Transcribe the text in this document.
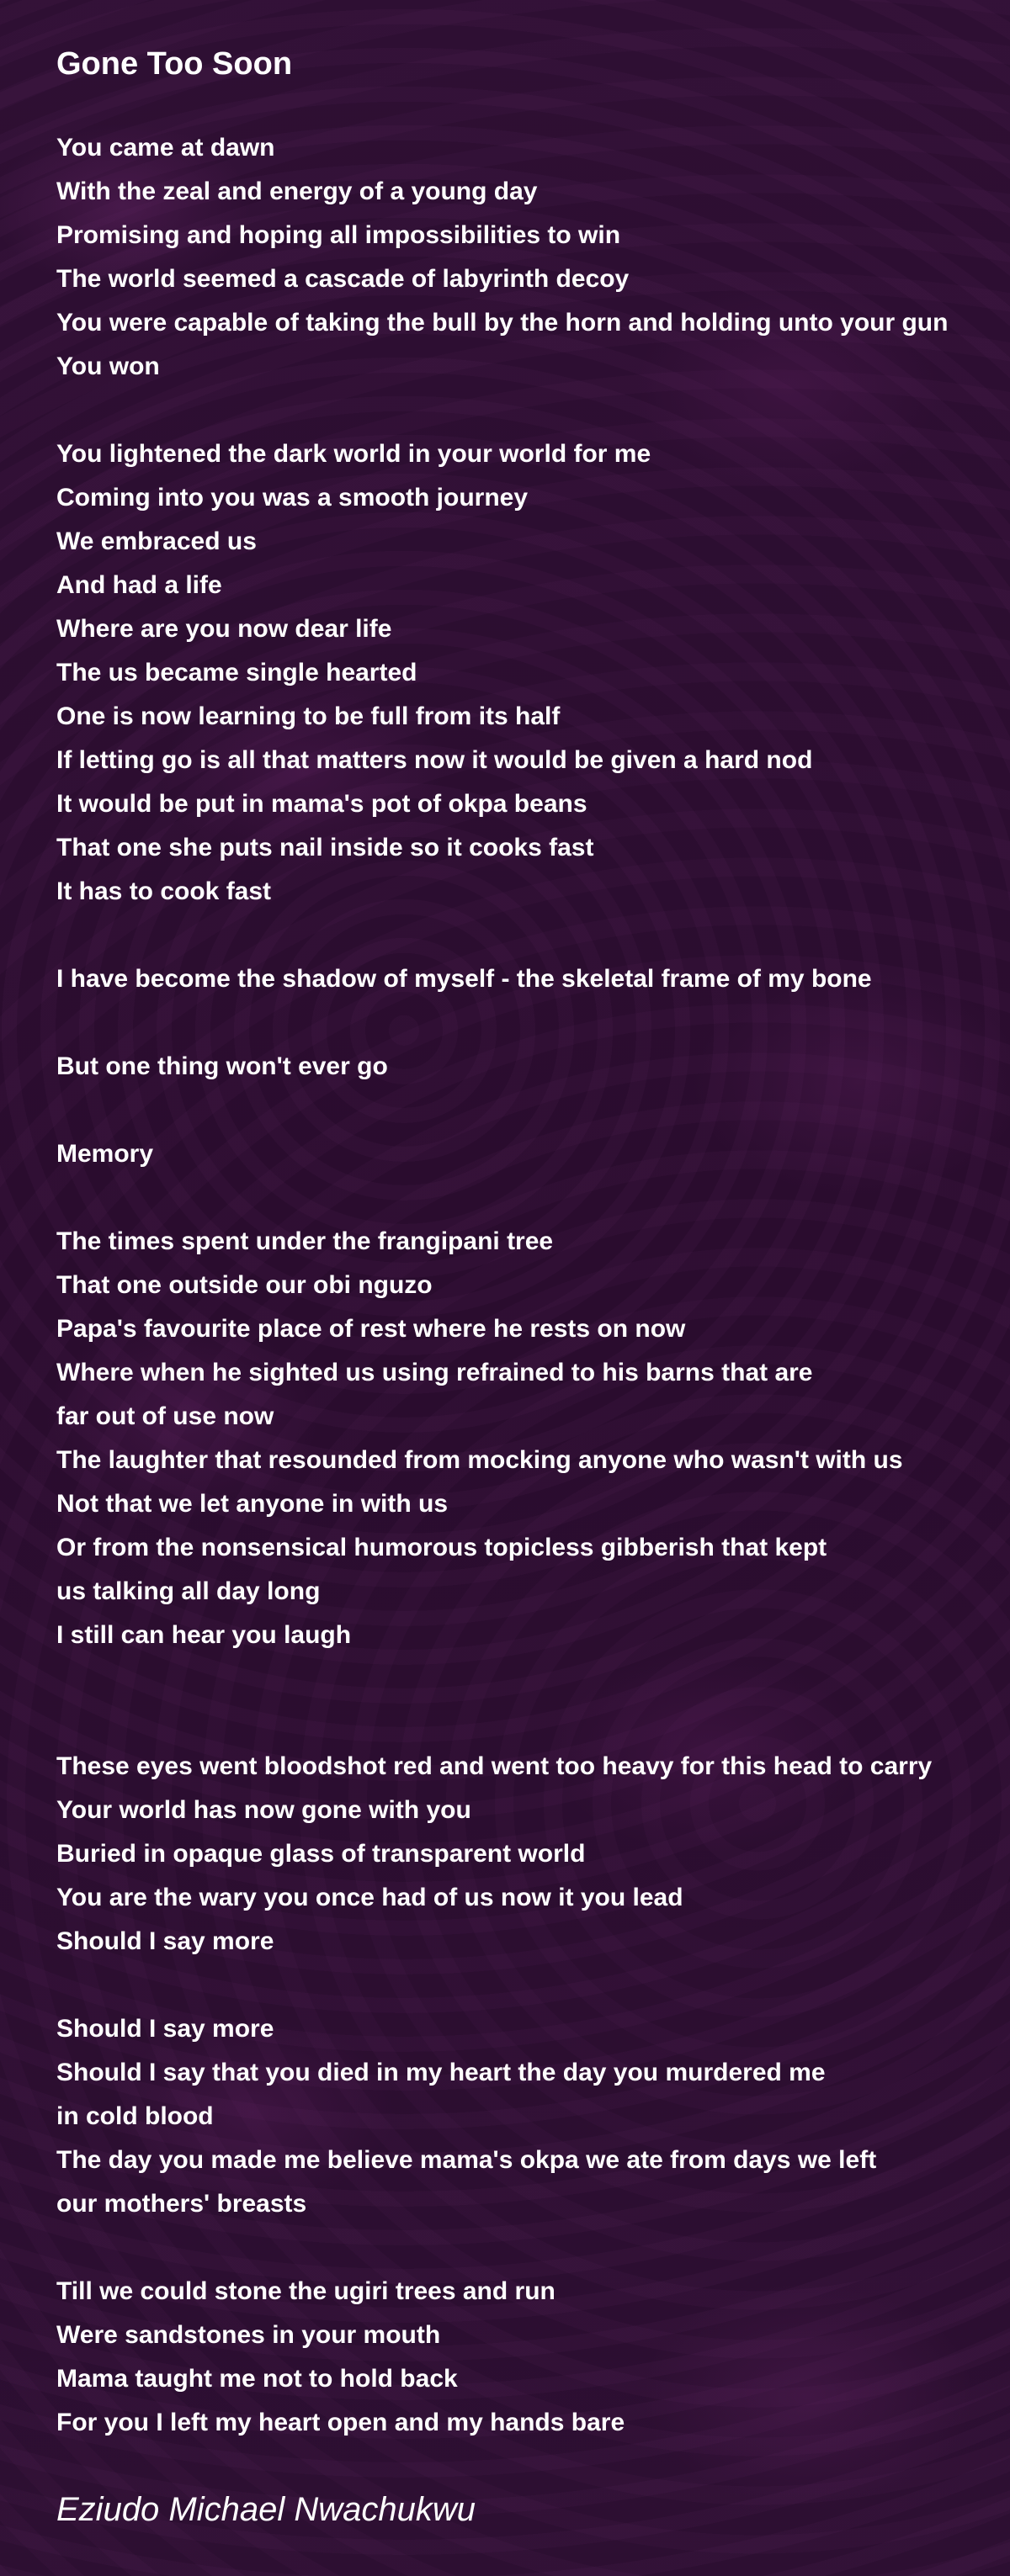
Gone Too Soon
You came at dawn
With the zeal and energy of a young day
Promising and hoping all impossibilities to win
The world seemed a cascade of labyrinth decoy
You were capable of taking the bull by the horn and holding unto your gun
You won
You lightened the dark world in your world for me
Coming into you was a smooth journey
We embraced us
And had a life
Where are you now dear life
The us became single hearted
One is now learning to be full from its half
If letting go is all that matters now it would be given a hard nod
It would be put in mama's pot of okpa beans
That one she puts nail inside so it cooks fast
It has to cook fast
I have become the shadow of myself - the skeletal frame of my bone
But one thing won't ever go
Memory
The times spent under the frangipani tree
That one outside our obi nguzo
Papa's favourite place of rest where he rests on now
Where when he sighted us using refrained to his barns that are
far out of use now
The laughter that resounded from mocking anyone who wasn't with us
Not that we let anyone in with us
Or from the nonsensical humorous topicless gibberish that kept
us talking all day long
I still can hear you laugh
These eyes went bloodshot red and went too heavy for this head to carry
Your world has now gone with you
Buried in opaque glass of transparent world
You are the wary you once had of us now it you lead
Should I say more
Should I say more
Should I say that you died in my heart the day you murdered me
in cold blood
The day you made me believe mama's okpa we ate from days we left
our mothers' breasts
Till we could stone the ugiri trees and run
Were sandstones in your mouth
Mama taught me not to hold back
For you I left my heart open and my hands bare
Eziudo Michael Nwachukwu
